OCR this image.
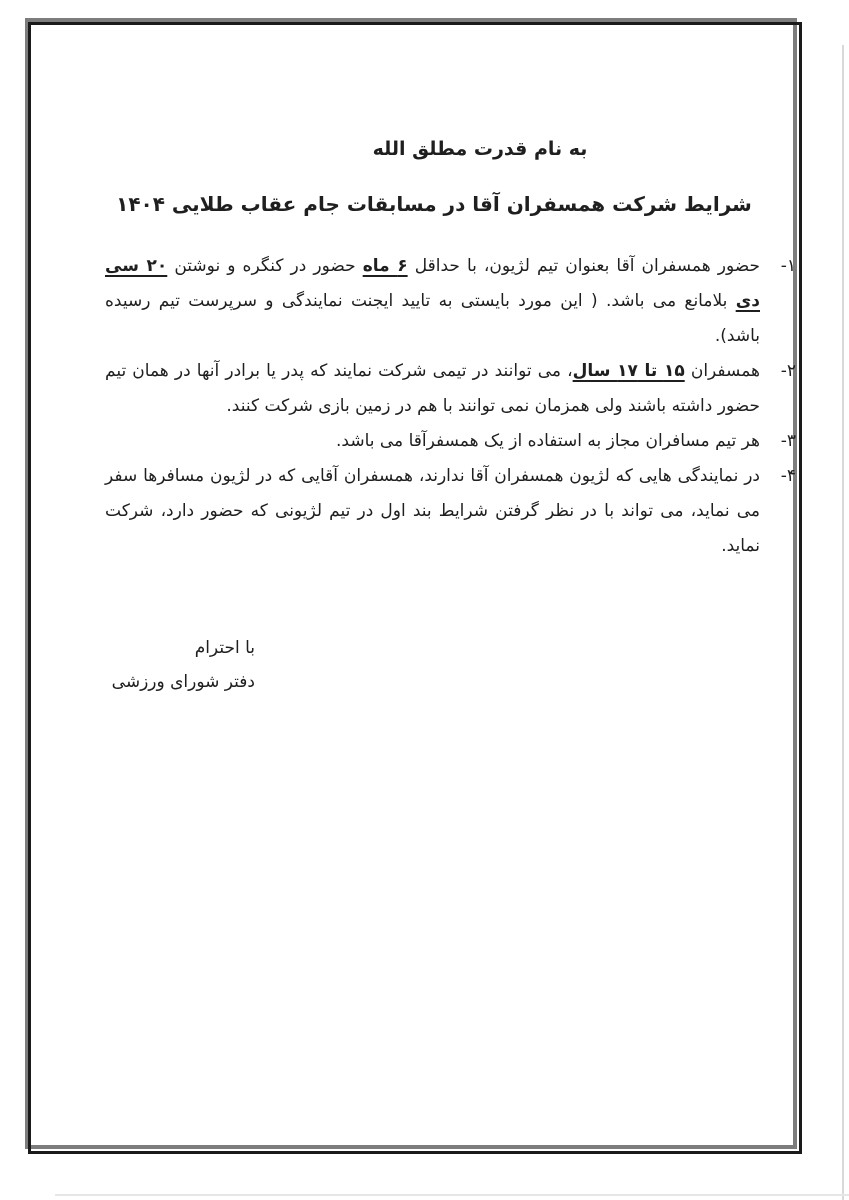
به نام قدرت مطلق الله
شرایط شرکت همسفران آقا در مسابقات جام عقاب طلایی ۱۴۰۴
۱-
حضور همسفران آقا بعنوان تیم لژیون، با حداقل ۶ ماه حضور در کنگره و نوشتن ۲۰ سی دی بلامانع می باشد. ( این مورد بایستی به تایید ایجنت نمایندگی و سرپرست تیم رسیده باشد).
۲-
همسفران ۱۵ تا ۱۷ سال، می توانند در تیمی شرکت نمایند که پدر یا برادر آنها در همان تیم حضور داشته باشند ولی همزمان نمی توانند با هم در زمین بازی شرکت کنند.
۳-
هر تیم مسافران مجاز به استفاده از یک همسفرآقا می باشد.
۴-
در نمایندگی هایی که لژیون همسفران آقا ندارند، همسفران آقایی که در لژیون مسافرها سفر می نماید، می تواند با در نظر گرفتن شرایط بند اول در تیم لژیونی که حضور دارد، شرکت نماید.
با احترام
دفتر شورای ورزشی
